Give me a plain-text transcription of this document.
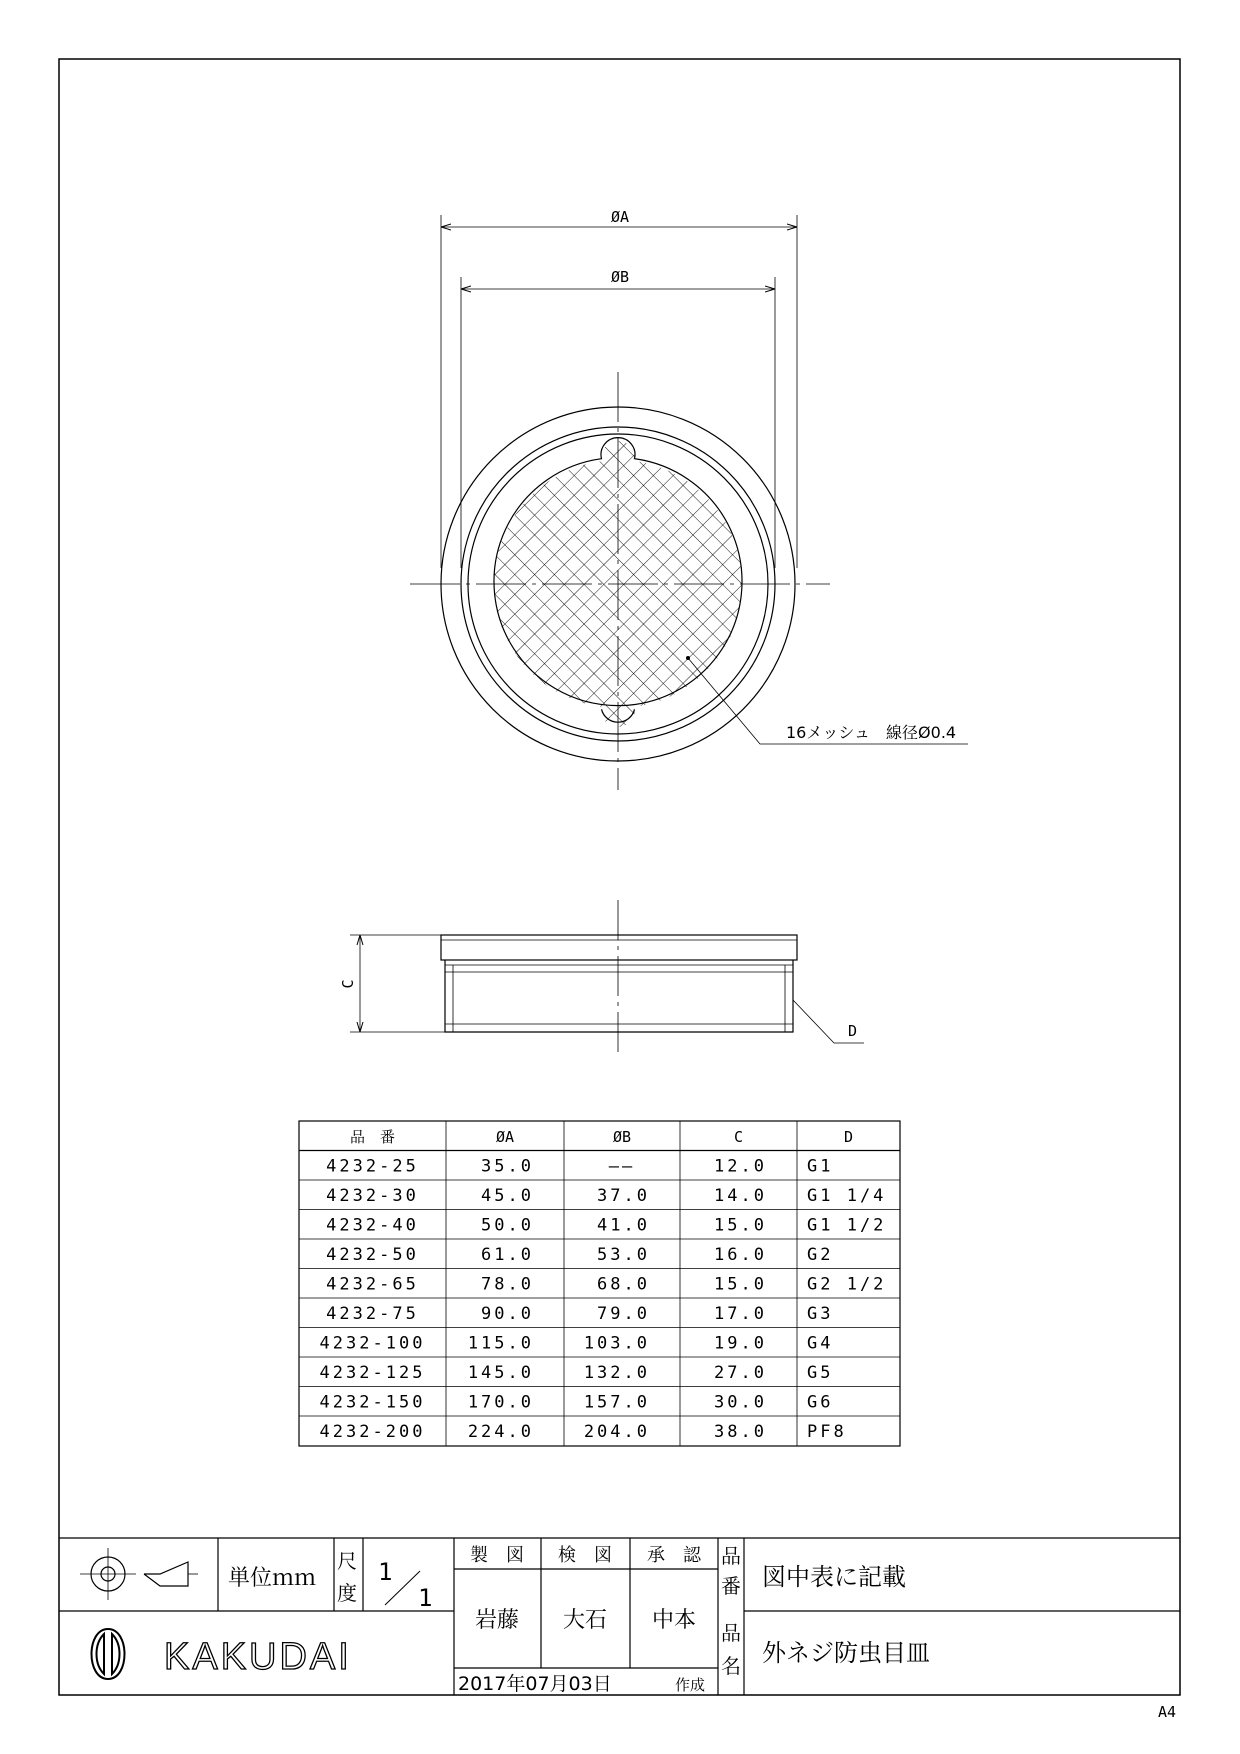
ØA
ØB
16メッシュ　線径Ø0.4
C
D
品　番	ØA	ØB	C	D
4232-25	35.0	——	12.0 G1
4232-30	45.0	37.0	14.0 G1 1/4
4232-40	50.0	41.0	15.0 G1 1/2
4232-50	61.0	53.0	16.0 G2
4232-65	78.0	68.0	15.0 G2 1/2
4232-75	90.0	79.0	17.0 G3
4232-100 115.0	103.0	19.0 G4
4232-125 145.0	132.0	27.0 G5
4232-150 170.0	157.0	30.0 G6
4232-200 224.0	204.0	38.0 PF8
KAKUDAI
単位ｍｍ
尺
度
1
1
製　図 検　図 承　認
岩藤 大石 中本
2017年07月03日	作成
品
番 図中表に記載
品
名 外ネジ防虫目皿
A4
